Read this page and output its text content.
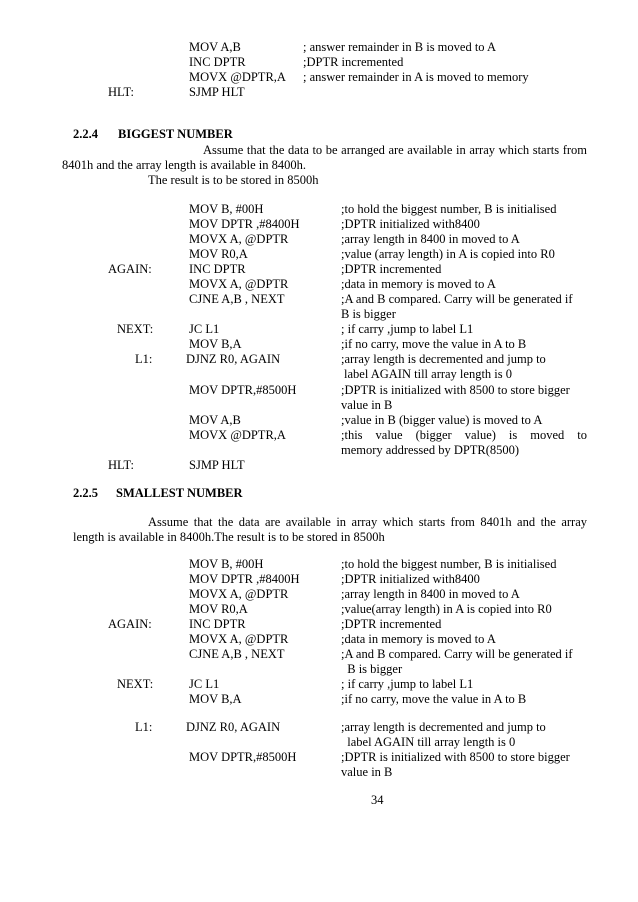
MOV A,B	; answer remainder in B is moved to A
INC DPTR	;DPTR incremented
MOVX @DPTR,A ; answer remainder in A is moved to memory
HLT:	SJMP HLT
2.2.4 BIGGEST NUMBER
Assume that the data to be arranged are available in array which starts from
8401h and the array length is available in 8400h.
The result is to be stored in 8500h
MOV B, #00H	;to hold the biggest number, B is initialised
MOV DPTR ,#8400H	;DPTR initialized with8400
MOVX A, @DPTR	;array length in 8400 in moved to A
MOV R0,A	;value (array length) in A is copied into R0
AGAIN:	INC DPTR	;DPTR incremented
MOVX A, @DPTR	;data in memory is moved to A
CJNE A,B , NEXT	;A and B compared. Carry will be generated if
B is bigger
NEXT:	JC L1	; if carry ,jump to label L1
MOV B,A	;if no carry, move the value in A to B
L1:	DJNZ R0, AGAIN	;array length is decremented and jump to
label AGAIN till array length is 0
MOV DPTR,#8500H	;DPTR is initialized with 8500 to store bigger
value in B
MOV A,B	;value in B (bigger value) is moved to A
MOVX @DPTR,A	;this value (bigger value) is moved to
memory addressed by DPTR(8500)
HLT:	SJMP HLT
2.2.5 SMALLEST NUMBER
Assume that the data are available in array which starts from 8401h and the array
length is available in 8400h.The result is to be stored in 8500h
MOV B, #00H	;to hold the biggest number, B is initialised
MOV DPTR ,#8400H	;DPTR initialized with8400
MOVX A, @DPTR	;array length in 8400 in moved to A
MOV R0,A	;value(array length) in A is copied into R0
AGAIN:	INC DPTR	;DPTR incremented
MOVX A, @DPTR	;data in memory is moved to A
CJNE A,B , NEXT	;A and B compared. Carry will be generated if
B is bigger
NEXT:	JC L1	; if carry ,jump to label L1
MOV B,A	;if no carry, move the value in A to B
L1:	DJNZ R0, AGAIN	;array length is decremented and jump to
label AGAIN till array length is 0
MOV DPTR,#8500H	;DPTR is initialized with 8500 to store bigger
value in B
34
